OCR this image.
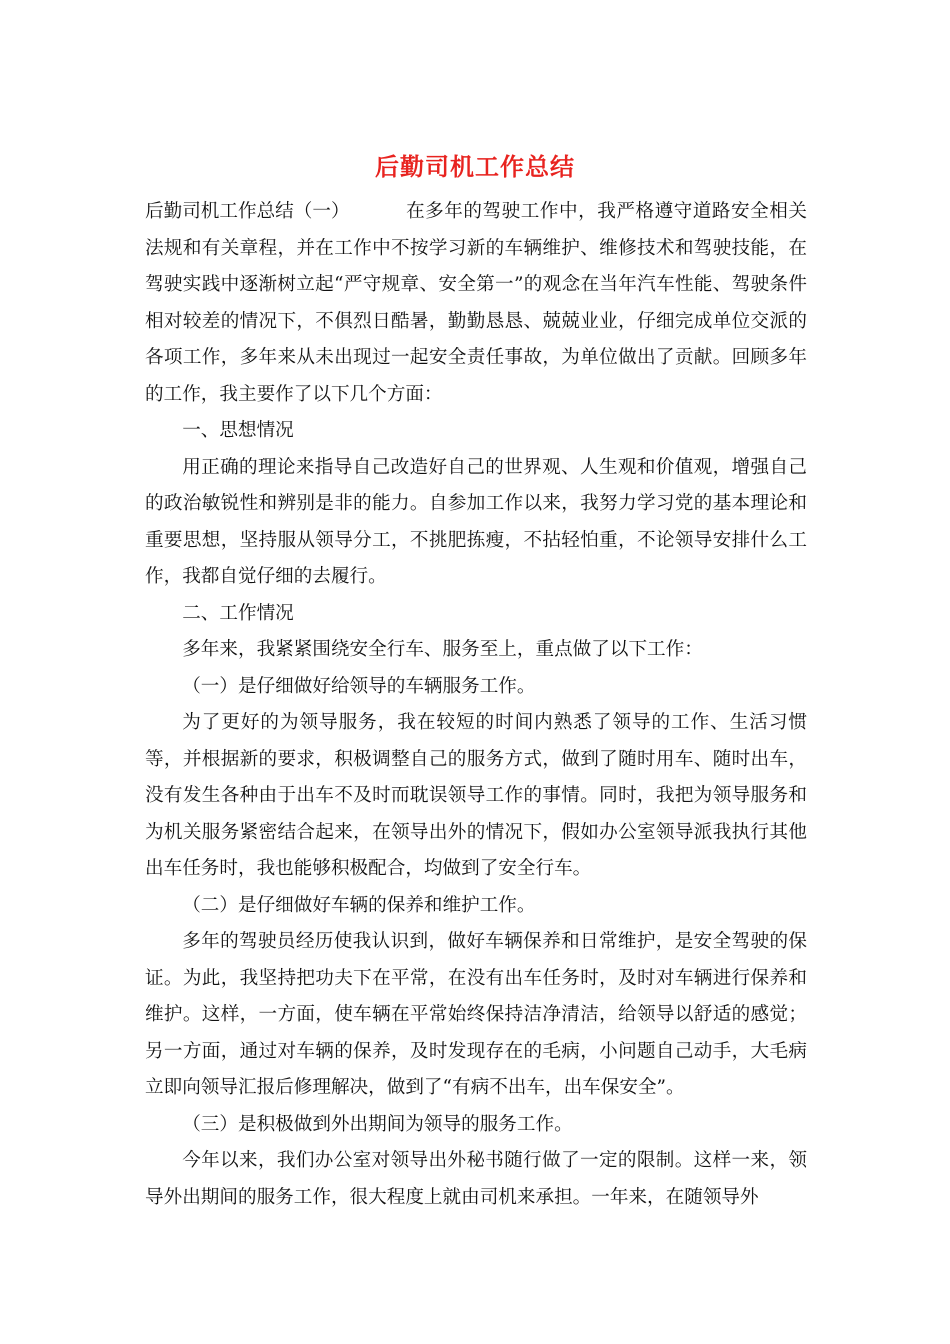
后勤司机工作总结

后勤司机工作总结（一）	在多年的驾驶工作中，我严格遵守道路安全相关法规和有关章程，并在工作中不按学习新的车辆维护、维修技术和驾驶技能，在驾驶实践中逐渐树立起“严守规章、安全第一”的观念在当年汽车性能、驾驶条件相对较差的情况下，不俱烈日酷暑，勤勤恳恳、兢兢业业，仔细完成单位交派的各项工作，多年来从未出现过一起安全责任事故，为单位做出了贡献。回顾多年的工作，我主要作了以下几个方面：

一、思想情况

用正确的理论来指导自己改造好自己的世界观、人生观和价值观，增强自己的政治敏锐性和辨别是非的能力。自参加工作以来，我努力学习党的基本理论和重要思想，坚持服从领导分工，不挑肥拣瘦，不拈轻怕重，不论领导安排什么工作，我都自觉仔细的去履行。

二、工作情况

多年来，我紧紧围绕安全行车、服务至上，重点做了以下工作：

（一）是仔细做好给领导的车辆服务工作。

为了更好的为领导服务，我在较短的时间内熟悉了领导的工作、生活习惯等，并根据新的要求，积极调整自己的服务方式，做到了随时用车、随时出车，没有发生各种由于出车不及时而耽误领导工作的事情。同时，我把为领导服务和为机关服务紧密结合起来，在领导出外的情况下，假如办公室领导派我执行其他出车任务时，我也能够积极配合，均做到了安全行车。

（二）是仔细做好车辆的保养和维护工作。

多年的驾驶员经历使我认识到，做好车辆保养和日常维护，是安全驾驶的保证。为此，我坚持把功夫下在平常，在没有出车任务时，及时对车辆进行保养和维护。这样，一方面，使车辆在平常始终保持洁净清洁，给领导以舒适的感觉；另一方面，通过对车辆的保养，及时发现存在的毛病，小问题自己动手，大毛病立即向领导汇报后修理解决，做到了“有病不出车，出车保安全”。

（三）是积极做到外出期间为领导的服务工作。

今年以来，我们办公室对领导出外秘书随行做了一定的限制。这样一来，领导外出期间的服务工作，很大程度上就由司机来承担。一年来，在随领导外
